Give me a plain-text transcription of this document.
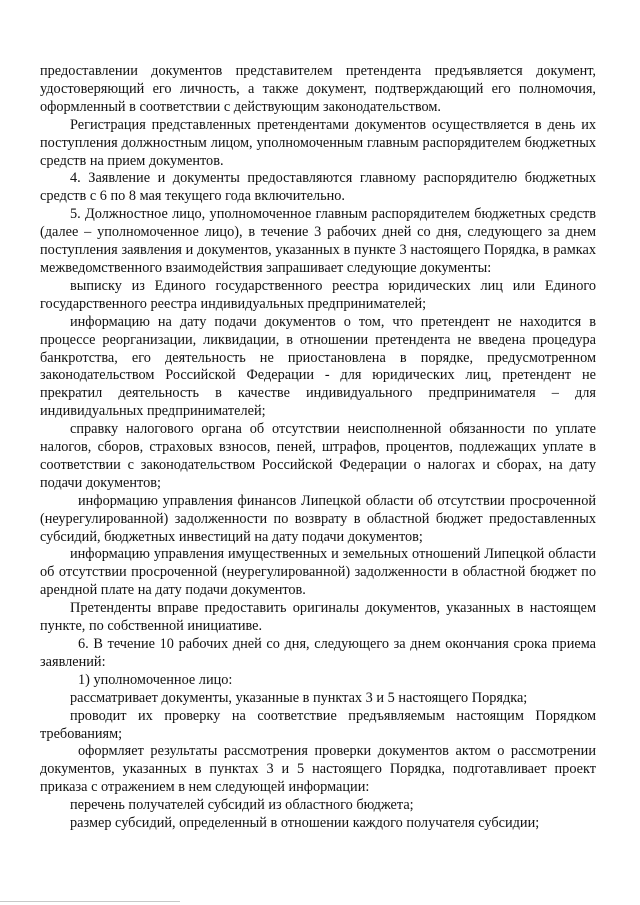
предоставлении документов представителем претендента предъявляется документ, удостоверяющий его личность, а также документ, подтверждающий его полномочия, оформленный в соответствии с действующим законодательством.

Регистрация представленных претендентами документов осуществляется в день их поступления должностным лицом, уполномоченным главным распорядителем бюджетных средств на прием документов.

4. Заявление и документы предоставляются главному распорядителю бюджетных средств с 6 по 8 мая текущего года включительно.

5. Должностное лицо, уполномоченное главным распорядителем бюджетных средств (далее – уполномоченное лицо), в течение 3 рабочих дней со дня, следующего за днем поступления заявления и документов, указанных в пункте 3 настоящего Порядка, в рамках межведомственного взаимодействия запрашивает следующие документы:

выписку из Единого государственного реестра юридических лиц или Единого государственного реестра индивидуальных предпринимателей;

информацию на дату подачи документов о том, что претендент не находится в процессе реорганизации, ликвидации, в отношении претендента не введена процедура банкротства, его деятельность не приостановлена в порядке, предусмотренном законодательством Российской Федерации - для юридических лиц, претендент не прекратил деятельность в качестве индивидуального предпринимателя – для индивидуальных предпринимателей;

справку налогового органа об отсутствии неисполненной обязанности по уплате налогов, сборов, страховых взносов, пеней, штрафов, процентов, подлежащих уплате в соответствии с законодательством Российской Федерации о налогах и сборах, на дату подачи документов;

информацию управления финансов Липецкой области об отсутствии просроченной (неурегулированной) задолженности по возврату в областной бюджет предоставленных субсидий, бюджетных инвестиций на дату подачи документов;

информацию управления имущественных и земельных отношений Липецкой области об отсутствии просроченной (неурегулированной) задолженности в областной бюджет по арендной плате на дату подачи документов.

Претенденты вправе предоставить оригиналы документов, указанных в настоящем пункте, по собственной инициативе.

6. В течение 10 рабочих дней со дня, следующего за днем окончания срока приема заявлений:

1) уполномоченное лицо:

рассматривает документы, указанные в пунктах 3 и 5 настоящего Порядка;

проводит их проверку на соответствие предъявляемым настоящим Порядком требованиям;

оформляет результаты рассмотрения проверки документов актом о рассмотрении документов, указанных в пунктах 3 и 5 настоящего Порядка, подготавливает проект приказа с отражением в нем следующей информации:

перечень получателей субсидий из областного бюджета;

размер субсидий, определенный в отношении каждого получателя субсидии;
